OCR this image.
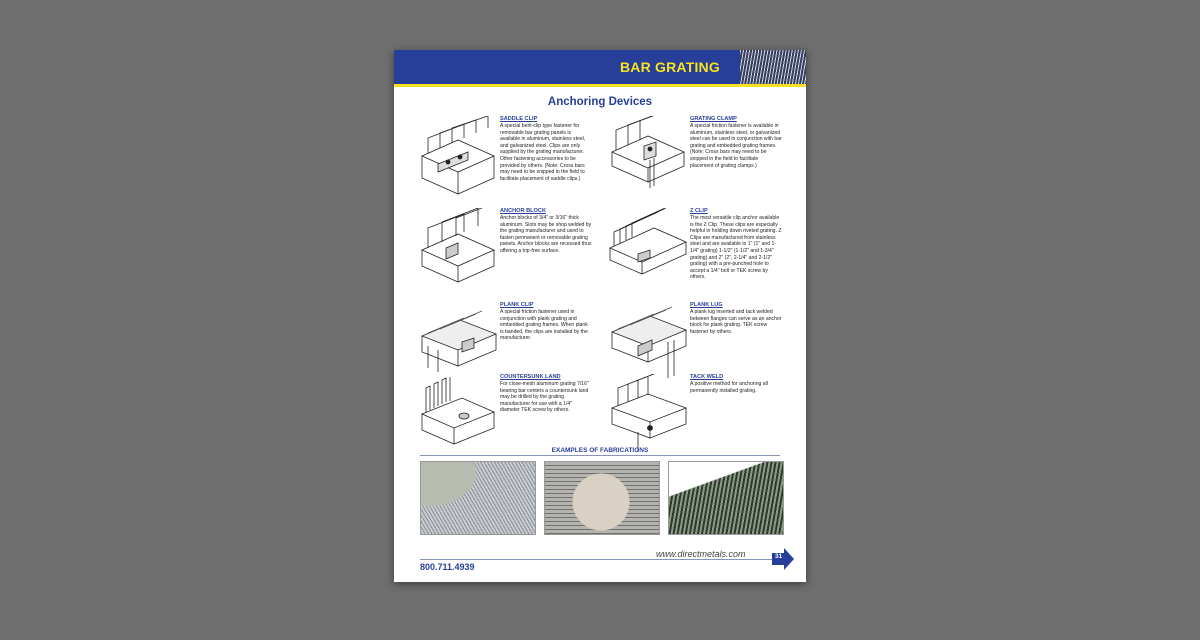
BAR GRATING
Anchoring Devices
SADDLE CLIP

A special bent-clip type fastener for removable bar grating panels is available in aluminum, stainless steel, and galvanized steel. Clips are only supplied by the grating manufacturer. Other fastening accessories to be provided by others. (Note: Cross bars may need to be snipped in the field to facilitate placement of saddle clips.)

GRATING CLAMP

A special friction fastener is available in aluminum, stainless steel, or galvanized steel can be used in conjunction with bar grating and embedded grating frames. (Note: Cross bars may need to be snipped in the field to facilitate placement of grating clamps.)

ANCHOR BLOCK

Anchor blocks of 3/4" or 3/16" thick aluminum. Slots may be shop welded by the grating manufacturer and used to fasten permanent or removable grating panels. Anchor blocks are recessed thus offering a trip-free surface.

Z CLIP

The most versatile clip anchor available is the Z Clip. These clips are especially helpful in holding down riveted grating. Z Clips are manufactured from stainless steel and are available in 1" (1" and 1-1/4" grating) 1-1/2" (1-1/2" and 1-3/4" grating) and 2" (2", 2-1/4" and 2-1/2" grating) with a pre-punched hole to accept a 1/4" bolt or TEK screw by others.

PLANK CLIP

A special friction fastener used in conjunction with plank grating and embedded grating frames. When plank is banded, the clips are installed by the manufacturer.

PLANK LUG

A plank lug inserted and tack welded between flanges can serve as an anchor block for plank grating. TEK screw fastener by others.

COUNTERSUNK LAND

For close-mesh aluminum grating 7/16" bearing bar centers a countersunk land may be drilled by the grating manufacturer for use with a 1/4" diameter TEK screw by others.

TACK WELD

A positive method for anchoring all permanently installed grating.

EXAMPLES OF FABRICATIONS
www.directmetals.com
800.711.4939
31
